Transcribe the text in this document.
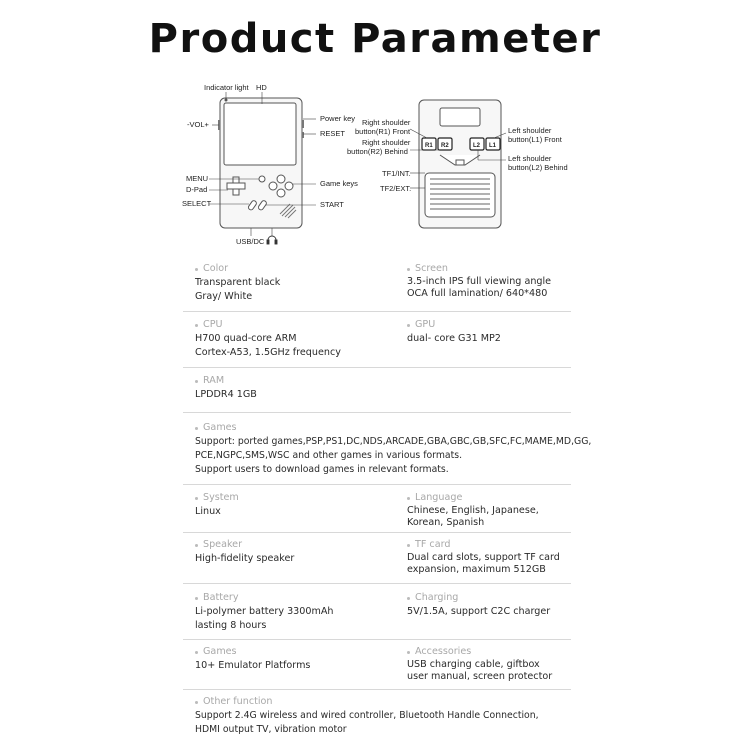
Product Parameter
Indicator light HD
-VOL+
Power key
RESET
MENU
D-Pad
SELECT
Game keys
START
USB/DC
R1 R2	L2 L1
Right shoulder
button(R1) Front
Right shoulder
button(R2) Behind
TF1/INT.
TF2/EXT.
Left shoulder
button(L1) Front
Left shoulder
button(L2) Behind
Color
Transparent black
Gray/ White
Screen
3.5-inch IPS full viewing angle
OCA full lamination/ 640*480
CPU
H700 quad-core ARM
Cortex-A53, 1.5GHz frequency
GPU
dual- core G31 MP2
RAM
LPDDR4 1GB
Games
Support: ported games,PSP,PS1,DC,NDS,ARCADE,GBA,GBC,GB,SFC,FC,MAME,MD,GG,
PCE,NGPC,SMS,WSC and other games in various formats.
Support users to download games in relevant formats.
System
Linux
Language
Chinese, English, Japanese,
Korean, Spanish
Speaker
High-fidelity speaker
TF card
Dual card slots, support TF card
expansion, maximum 512GB
Battery
Li-polymer battery 3300mAh
lasting 8 hours
Charging
5V/1.5A, support C2C charger
Games
10+ Emulator Platforms
Accessories
USB charging cable, giftbox
user manual, screen protector
Other function
Support 2.4G wireless and wired controller, Bluetooth Handle Connection,
HDMI output TV, vibration motor
